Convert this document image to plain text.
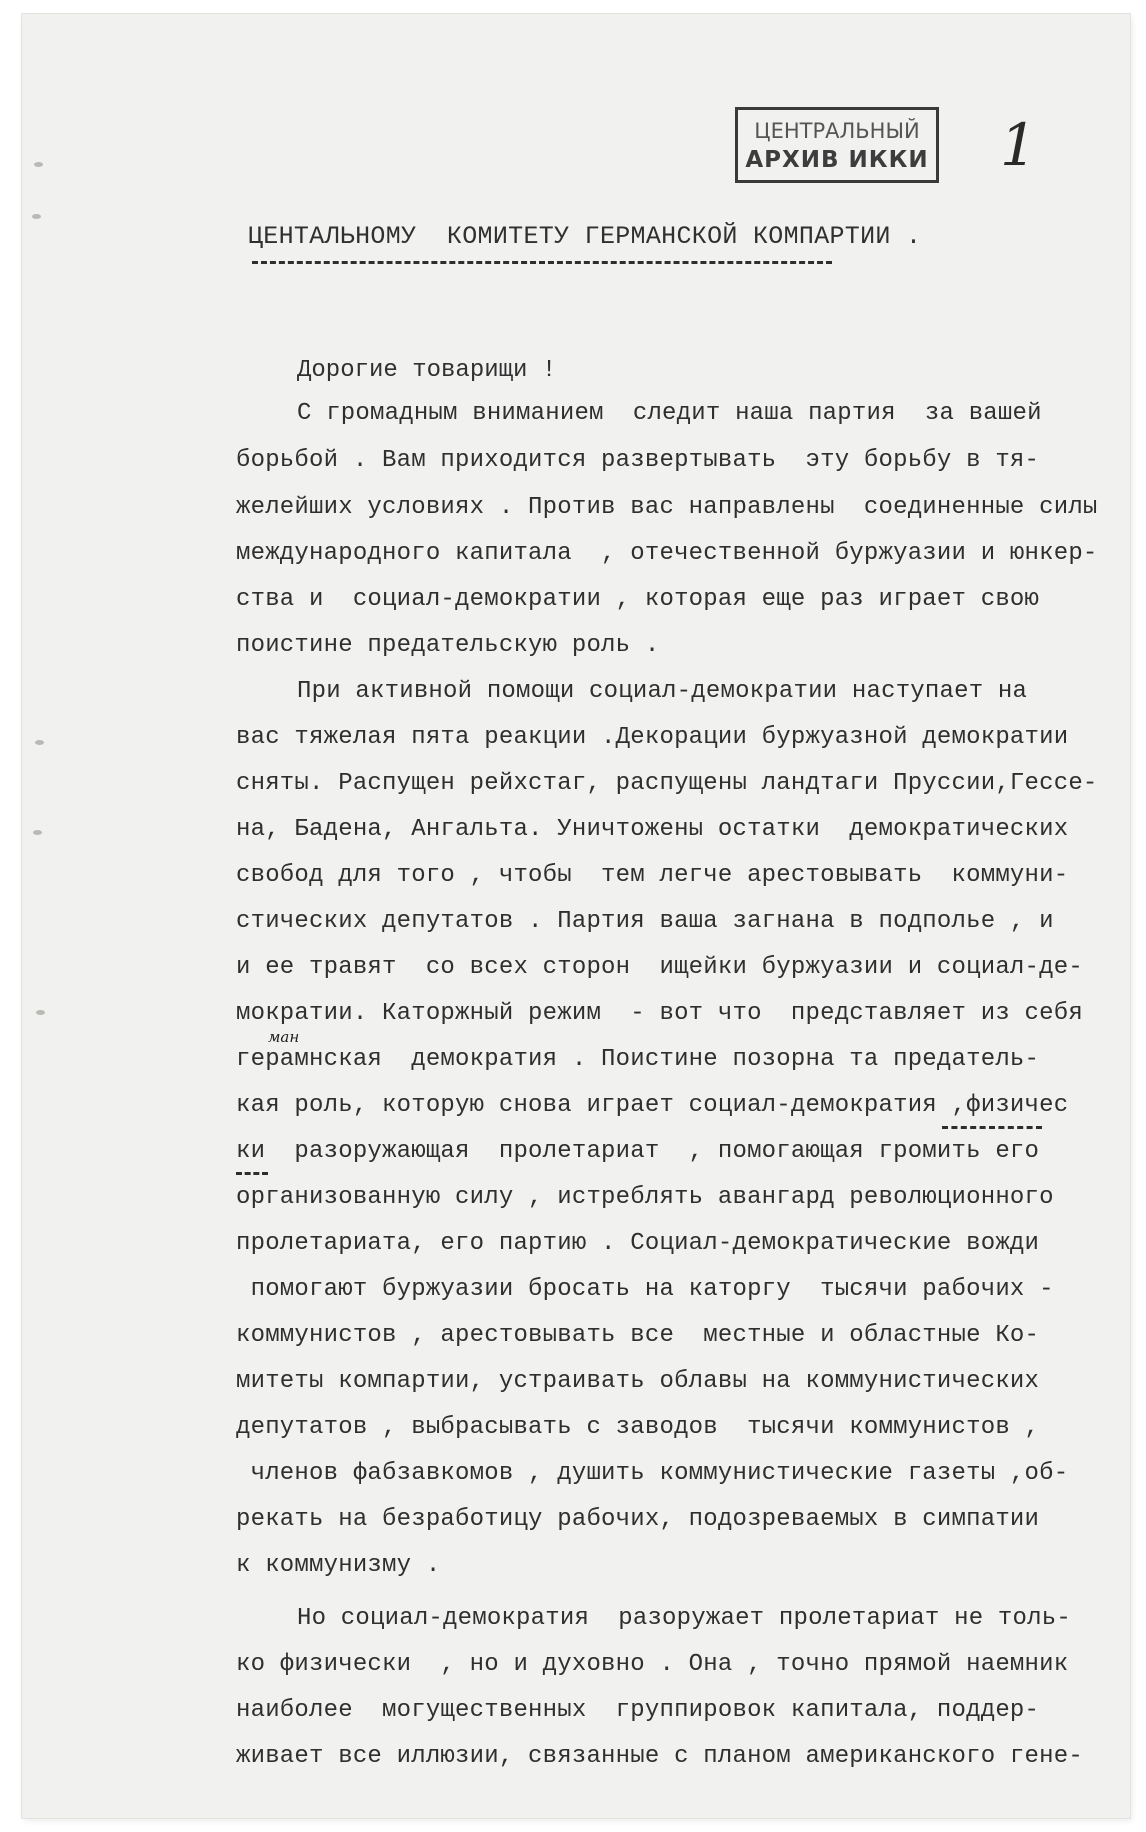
ЦЕНТРАЛЬНЫЙ
АРХИВ ИККИ 1
ЦЕНТАЛЬНОМУ  КОМИТЕТУ ГЕРМАНСКОЙ КОМПАРТИИ .
Дорогие товарищи !
С громадным вниманием  следит наша партия  за вашей
борьбой . Вам приходится развертывать  эту борьбу в тя-
желейших условиях . Против вас направлены  соединенные силы
международного капитала  , отечественной буржуазии и юнкер-
ства и  социал-демократии , которая еще раз играет свою
поистине предательскую роль .
При активной помощи социал-демократии наступает на
вас тяжелая пята реакции .Декорации буржуазной демократии
сняты. Распущен рейхстаг, распущены ландтаги Пруссии,Гессе-
на, Бадена, Ангальта. Уничтожены остатки  демократических
свобод для того , чтобы  тем легче арестовывать  коммуни-
стических депутатов . Партия ваша загнана в подполье , и
и ее травят  со всех сторон  ищейки буржуазии и социал-де-
мократии. Каторжный режим  - вот что  представляет из себя
герамнская  демократия . Поистине позорна та предатель-
кая роль, которую снова играет социал-демократия ,физичес
ки  разоружающая  пролетариат  , помогающая громить его
организованную силу , истреблять авангард революционного
пролетариата, его партию . Социал-демократические вожди
помогают буржуазии бросать на каторгу  тысячи рабочих -
коммунистов , арестовывать все  местные и областные Ко-
митеты компартии, устраивать облавы на коммунистических
депутатов , выбрасывать с заводов  тысячи коммунистов ,
членов фабзавкомов , душить коммунистические газеты ,об-
рекать на безработицу рабочих, подозреваемых в симпатии
к коммунизму .
Но социал-демократия  разоружает пролетариат не толь-
ко физически  , но и духовно . Она , точно прямой наемник
наиболее  могущественных  группировок капитала, поддер-
живает все иллюзии, связанные с планом американского гене-
ман
